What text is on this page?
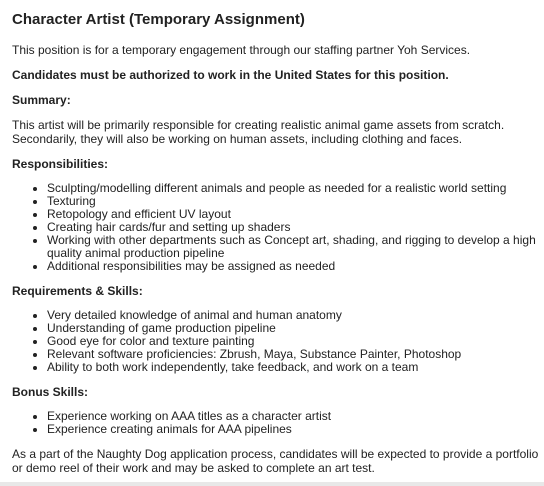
Character Artist (Temporary Assignment)

This position is for a temporary engagement through our staffing partner Yoh Services.

Candidates must be authorized to work in the United States for this position.

Summary:

This artist will be primarily responsible for creating realistic animal game assets from scratch. Secondarily, they will also be working on human assets, including clothing and faces.

Responsibilities:
• Sculpting/modelling different animals and people as needed for a realistic world setting
• Texturing
• Retopology and efficient UV layout
• Creating hair cards/fur and setting up shaders
• Working with other departments such as Concept art, shading, and rigging to develop a high quality animal production pipeline
• Additional responsibilities may be assigned as needed
Requirements & Skills:
• Very detailed knowledge of animal and human anatomy
• Understanding of game production pipeline
• Good eye for color and texture painting
• Relevant software proficiencies: Zbrush, Maya, Substance Painter, Photoshop
• Ability to both work independently, take feedback, and work on a team
Bonus Skills:
• Experience working on AAA titles as a character artist
• Experience creating animals for AAA pipelines

As a part of the Naughty Dog application process, candidates will be expected to provide a portfolio or demo reel of their work and may be asked to complete an art test.
